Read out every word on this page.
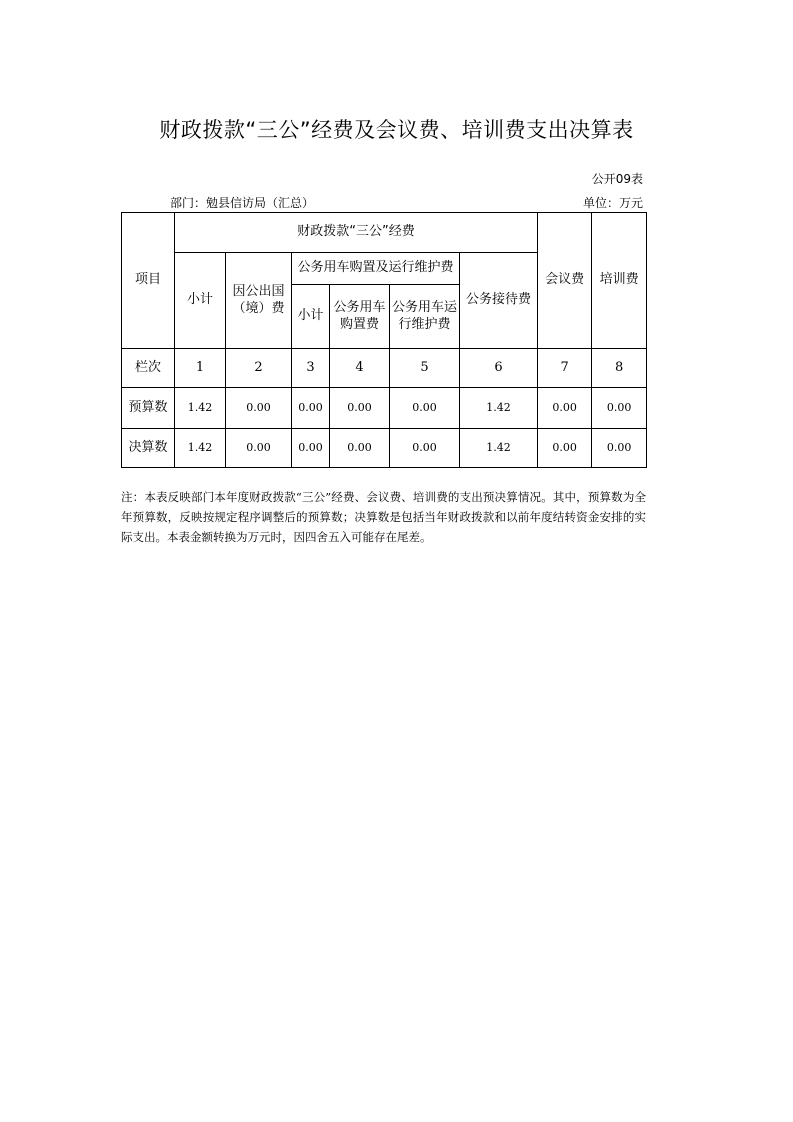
财政拨款“三公”经费及会议费、培训费支出决算表
公开09表
部门：勉县信访局（汇总）	单位：万元
项目	财政拨款“三公”经费						会议费	培训费
	小计	因公出国（境）费	公务用车购置及运行维护费			公务接待费		
			小计	公务用车购置费	公务用车运行维护费			
栏次	1	2	3	4	5	6	7	8
预算数	1.42	0.00	0.00	0.00	0.00	1.42	0.00	0.00
决算数	1.42	0.00	0.00	0.00	0.00	1.42	0.00	0.00
注：本表反映部门本年度财政拨款“三公”经费、会议费、培训费的支出预决算情况。其中，预算数为全年预算数，反映按规定程序调整后的预算数；决算数是包括当年财政拨款和以前年度结转资金安排的实际支出。本表金额转换为万元时，因四舍五入可能存在尾差。
